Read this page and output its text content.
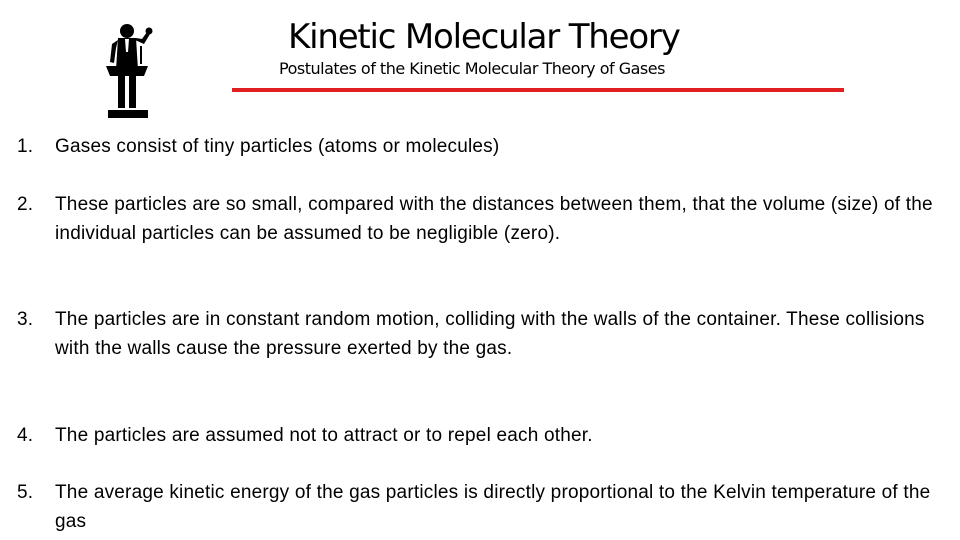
Kinetic Molecular Theory
Postulates of the Kinetic Molecular Theory of Gases
1.	Gases consist of tiny particles (atoms or molecules)
2.	These particles are so small, compared with the distances between them, that the volume (size) of the individual particles can be assumed to be negligible (zero).
3.	The particles are in constant random motion, colliding with the walls of the container. These collisions with the walls cause the pressure exerted by the gas.
4.	The particles are assumed not to attract or to repel each other.
5.	The average kinetic energy of the gas particles is directly proportional to the Kelvin temperature of the gas
